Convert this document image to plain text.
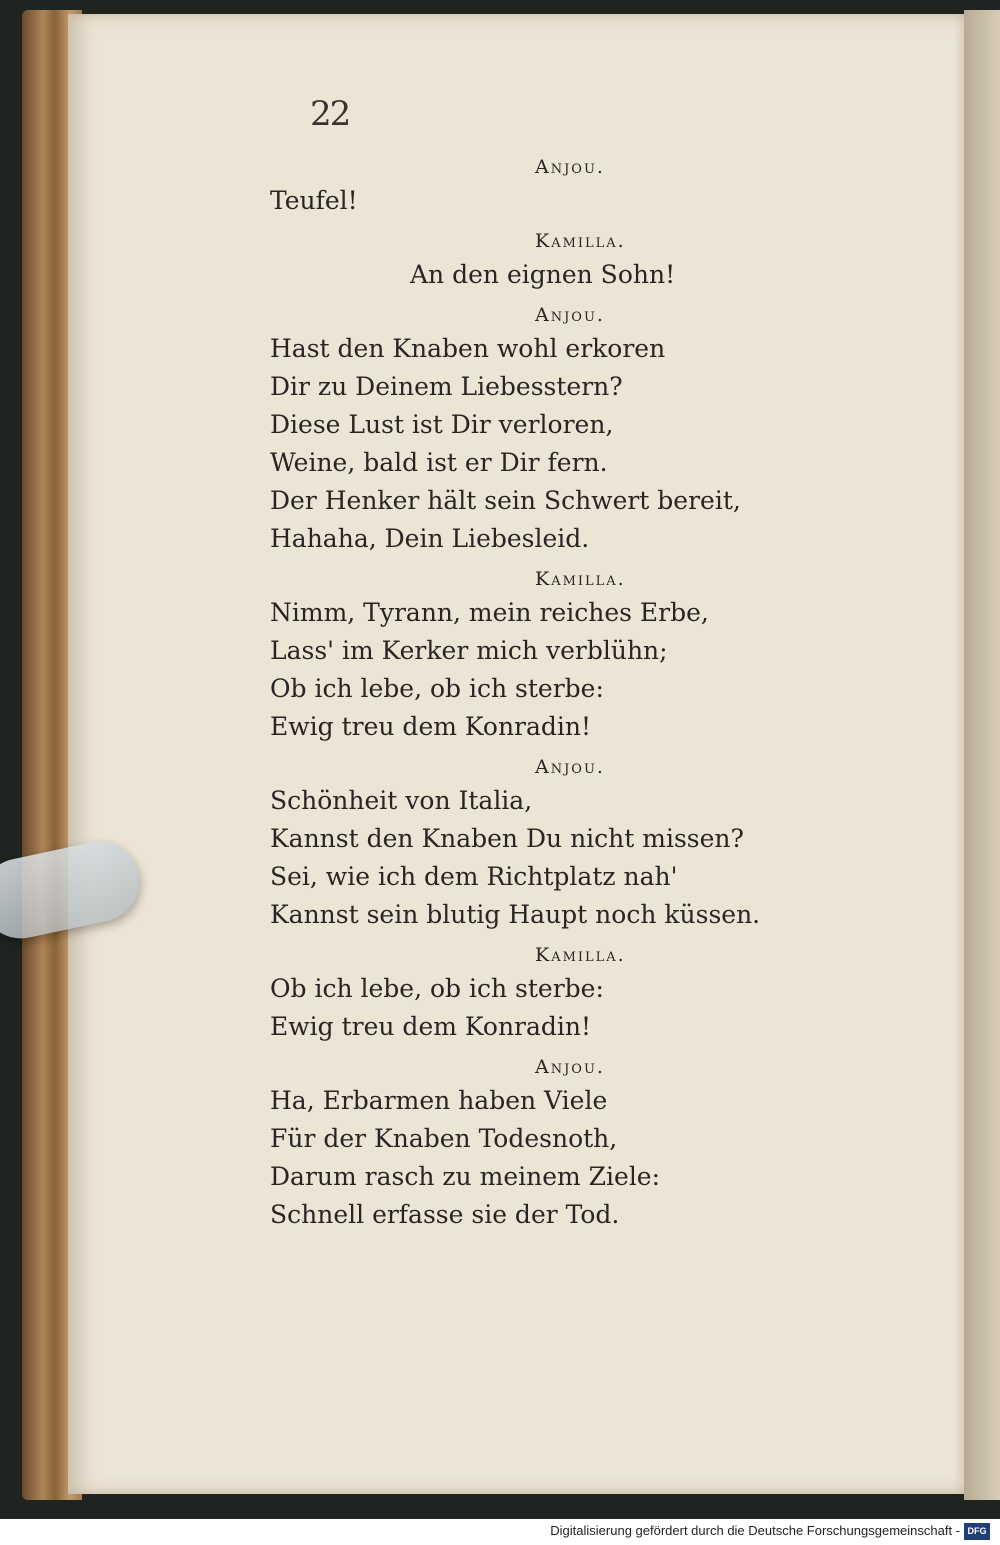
22
Anjou.
Teufel!
Kamilla.
An den eignen Sohn!
Anjou.
Hast den Knaben wohl erkoren
Dir zu Deinem Liebesstern?
Diese Lust ist Dir verloren,
Weine, bald ist er Dir fern.
Der Henker hält sein Schwert bereit,
Hahaha, Dein Liebesleid.
Kamilla.
Nimm, Tyrann, mein reiches Erbe,
Lass' im Kerker mich verblühn;
Ob ich lebe, ob ich sterbe:
Ewig treu dem Konradin!
Anjou.
Schönheit von Italia,
Kannst den Knaben Du nicht missen?
Sei, wie ich dem Richtplatz nah'
Kannst sein blutig Haupt noch küssen.
Kamilla.
Ob ich lebe, ob ich sterbe:
Ewig treu dem Konradin!
Anjou.
Ha, Erbarmen haben Viele
Für der Knaben Todesnoth,
Darum rasch zu meinem Ziele:
Schnell erfasse sie der Tod.
Digitalisierung gefördert durch die Deutsche Forschungsgemeinschaft - DFG
